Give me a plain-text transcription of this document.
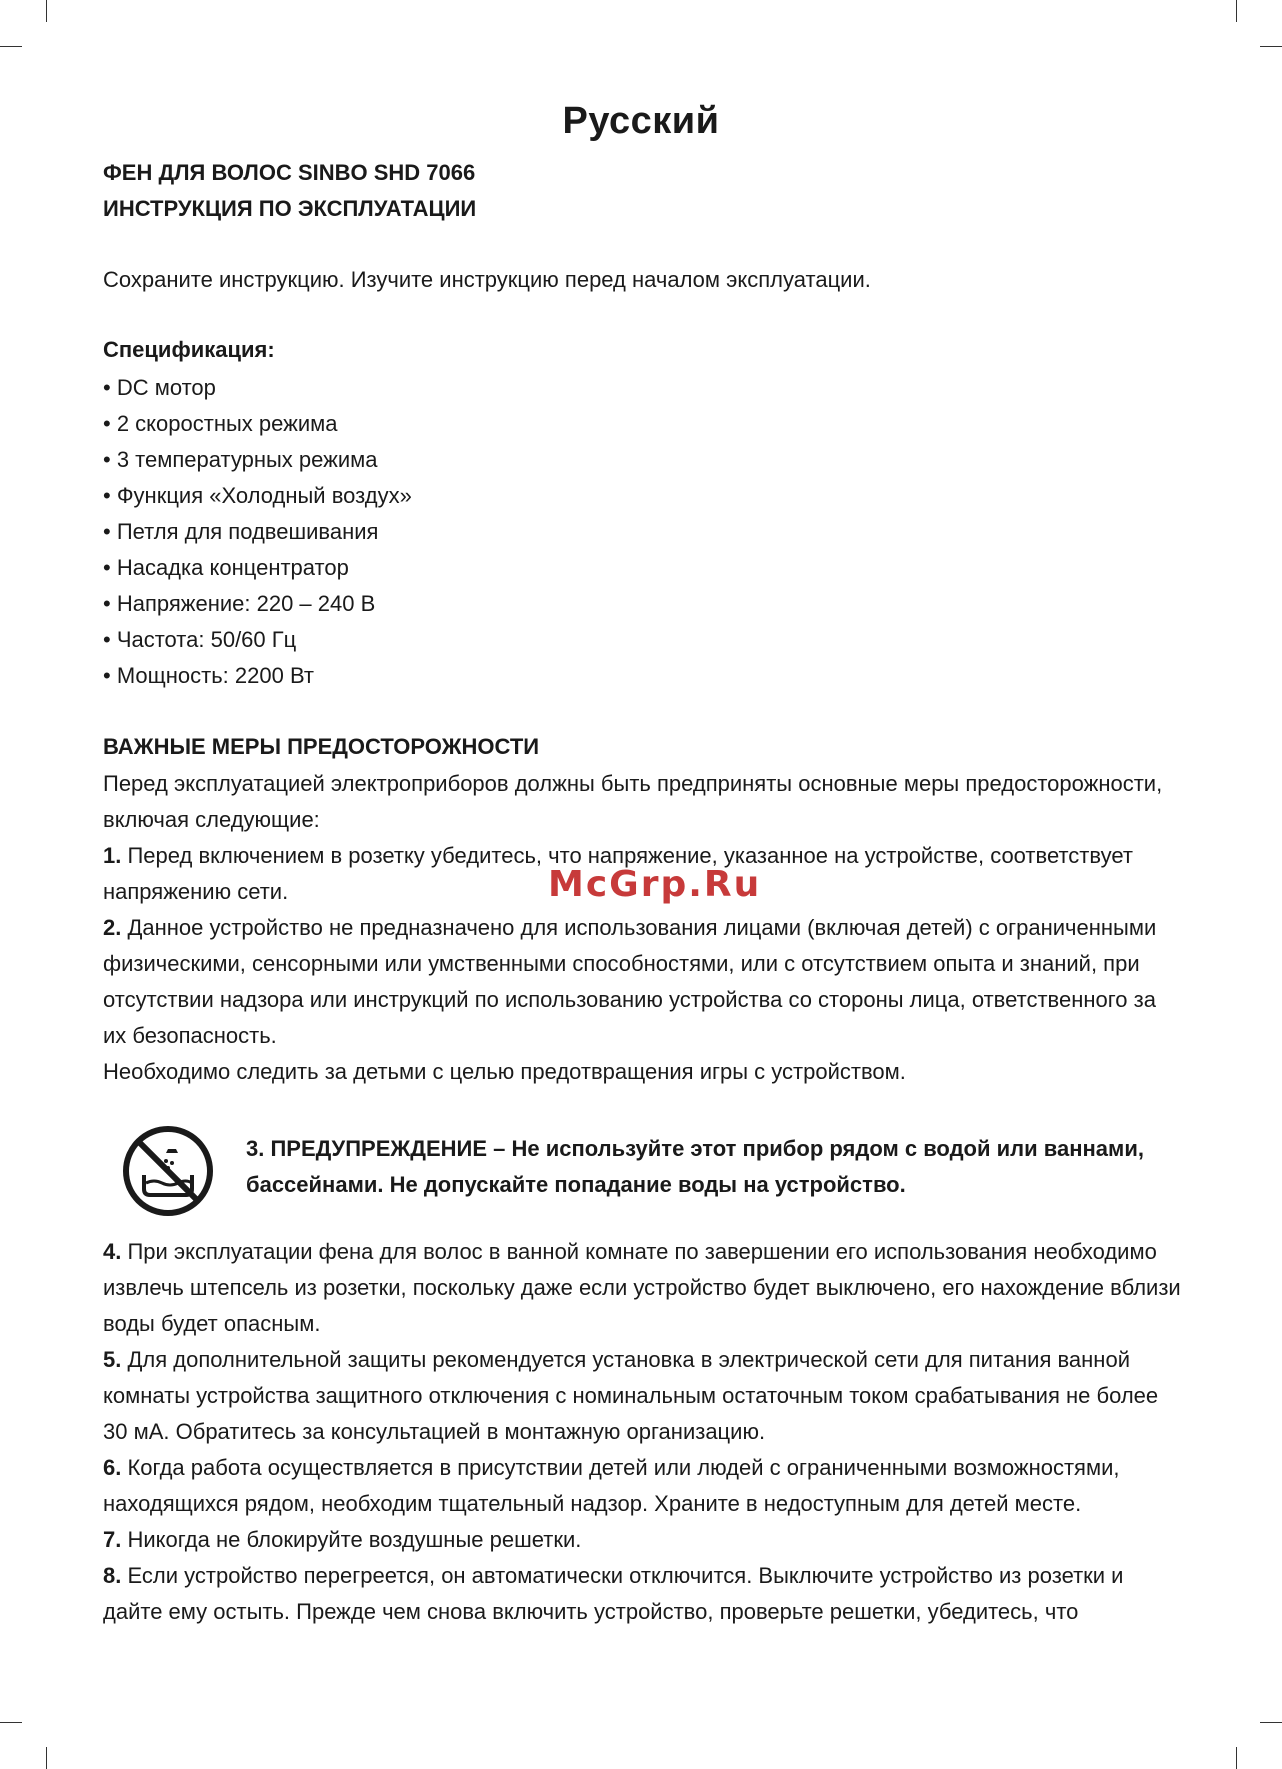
Русский
ФЕН ДЛЯ ВОЛОС SINBO SHD 7066
ИНСТРУКЦИЯ ПО ЭКСПЛУАТАЦИИ
Сохраните инструкцию. Изучите инструкцию перед началом эксплуатации.
Спецификация:
• DC мотор
• 2 скоростных режима
• 3 температурных режима
• Функция «Холодный воздух»
• Петля для подвешивания
• Насадка концентратор
• Напряжение: 220 – 240 В
• Частота: 50/60 Гц
• Мощность: 2200 Вт
ВАЖНЫЕ МЕРЫ ПРЕДОСТОРОЖНОСТИ

Перед эксплуатацией электроприборов должны быть предприняты основные меры предосторожности, включая следующие:

1. Перед включением в розетку убедитесь, что напряжение, указанное на устройстве, соответствует напряжению сети.

2. Данное устройство не предназначено для использования лицами (включая детей) с ограниченными физическими, сенсорными или умственными способностями, или с отсутствием опыта и знаний, при отсутствии надзора или инструкций по использованию устройства со стороны лица, ответственного за их безопасность.

Необходимо следить за детьми с целью предотвращения игры с устройством.

McGrp.Ru
3. ПРЕДУПРЕЖДЕНИЕ – Не используйте этот прибор рядом с водой или ваннами, бассейнами. Не допускайте попадание воды на устройство.

4. При эксплуатации фена для волос в ванной комнате по завершении его использования необходимо извлечь штепсель из розетки, поскольку даже если устройство будет выключено, его нахождение вблизи воды будет опасным.

5. Для дополнительной защиты рекомендуется установка в электрической сети для питания ванной комнаты устройства защитного отключения с номинальным остаточным током срабатывания не более 30 мА. Обратитесь за консультацией в монтажную организацию.

6. Когда работа осуществляется в присутствии детей или людей с ограниченными возможностями, находящихся рядом, необходим тщательный надзор. Храните в недоступным для детей месте.

7. Никогда не блокируйте воздушные решетки.

8. Если устройство перегреется, он автоматически отключится. Выключите устройство из розетки и дайте ему остыть. Прежде чем снова включить устройство, проверьте решетки, убедитесь, что
